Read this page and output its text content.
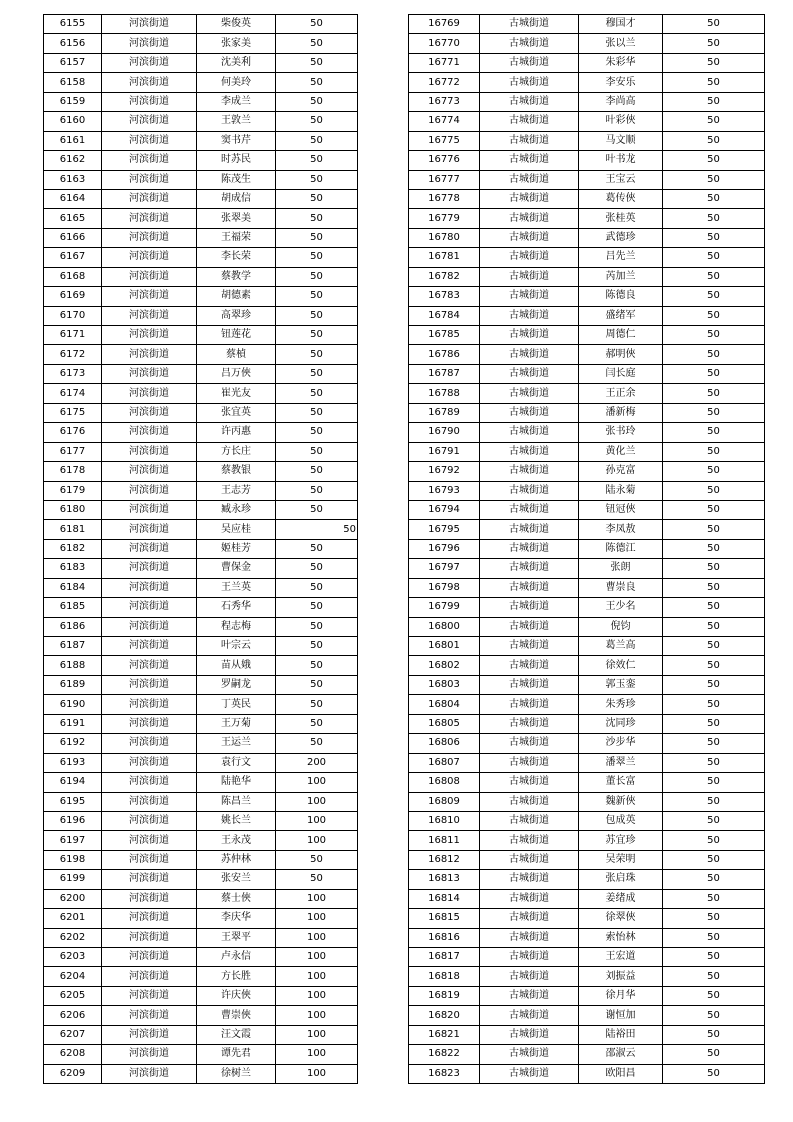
6155	河滨街道	柴俊英	50
6156	河滨街道	张家美	50
6157	河滨街道	沈美利	50
6158	河滨街道	何美玲	50
6159	河滨街道	李成兰	50
6160	河滨街道	王敦兰	50
6161	河滨街道	窦书芹	50
6162	河滨街道	时苏民	50
6163	河滨街道	陈茂生	50
6164	河滨街道	胡成信	50
6165	河滨街道	张翠美	50
6166	河滨街道	王福荣	50
6167	河滨街道	李长荣	50
6168	河滨街道	蔡教学	50
6169	河滨街道	胡德素	50
6170	河滨街道	高翠珍	50
6171	河滨街道	钮莲花	50
6172	河滨街道	蔡楨	50
6173	河滨街道	吕万俠	50
6174	河滨街道	崔光友	50
6175	河滨街道	张宜英	50
6176	河滨街道	许丙惠	50
6177	河滨街道	方长庄	50
6178	河滨街道	蔡教银	50
6179	河滨街道	王志芳	50
6180	河滨街道	臧永珍	50
6181	河滨街道	吴应桂	50
6182	河滨街道	姬桂芳	50
6183	河滨街道	曹保金	50
6184	河滨街道	王兰英	50
6185	河滨街道	石秀华	50
6186	河滨街道	程志梅	50
6187	河滨街道	叶宗云	50
6188	河滨街道	苗从娥	50
6189	河滨街道	罗嗣龙	50
6190	河滨街道	丁英民	50
6191	河滨街道	王万菊	50
6192	河滨街道	王运兰	50
6193	河滨街道	袁行文	200
6194	河滨街道	陆艳华	100
6195	河滨街道	陈昌兰	100
6196	河滨街道	姚长兰	100
6197	河滨街道	王永茂	100
6198	河滨街道	苏仲林	50
6199	河滨街道	张安兰	50
6200	河滨街道	蔡士俠	100
6201	河滨街道	李庆华	100
6202	河滨街道	王翠平	100
6203	河滨街道	卢永信	100
6204	河滨街道	方长胜	100
6205	河滨街道	许庆俠	100
6206	河滨街道	曹崇俠	100
6207	河滨街道	汪文霞	100
6208	河滨街道	谭先君	100
6209	河滨街道	徐树兰	100
16769	古城街道	穆国才	50
16770	古城街道	张以兰	50
16771	古城街道	朱彩华	50
16772	古城街道	李安乐	50
16773	古城街道	李尚高	50
16774	古城街道	叶彩俠	50
16775	古城街道	马文顺	50
16776	古城街道	叶书龙	50
16777	古城街道	王宝云	50
16778	古城街道	葛传俠	50
16779	古城街道	张桂英	50
16780	古城街道	武德珍	50
16781	古城街道	吕先兰	50
16782	古城街道	芮加兰	50
16783	古城街道	陈德良	50
16784	古城街道	盛绪军	50
16785	古城街道	周德仁	50
16786	古城街道	郝明俠	50
16787	古城街道	闫长庭	50
16788	古城街道	王正余	50
16789	古城街道	潘新梅	50
16790	古城街道	张书玲	50
16791	古城街道	黄化兰	50
16792	古城街道	孙克富	50
16793	古城街道	陆永菊	50
16794	古城街道	钮冠俠	50
16795	古城街道	李凤敖	50
16796	古城街道	陈德江	50
16797	古城街道	张朗	50
16798	古城街道	曹崇良	50
16799	古城街道	王少名	50
16800	古城街道	倪钧	50
16801	古城街道	葛兰高	50
16802	古城街道	徐效仁	50
16803	古城街道	郭玉銮	50
16804	古城街道	朱秀珍	50
16805	古城街道	沈同珍	50
16806	古城街道	沙步华	50
16807	古城街道	潘翠兰	50
16808	古城街道	董长富	50
16809	古城街道	魏新俠	50
16810	古城街道	包成英	50
16811	古城街道	苏宜珍	50
16812	古城街道	吴荣明	50
16813	古城街道	张启珠	50
16814	古城街道	姜绪成	50
16815	古城街道	徐翠俠	50
16816	古城街道	索怡林	50
16817	古城街道	王宏道	50
16818	古城街道	刘振益	50
16819	古城街道	徐月华	50
16820	古城街道	谢恒加	50
16821	古城街道	陆裕田	50
16822	古城街道	邵淑云	50
16823	古城街道	欧阳昌	50
